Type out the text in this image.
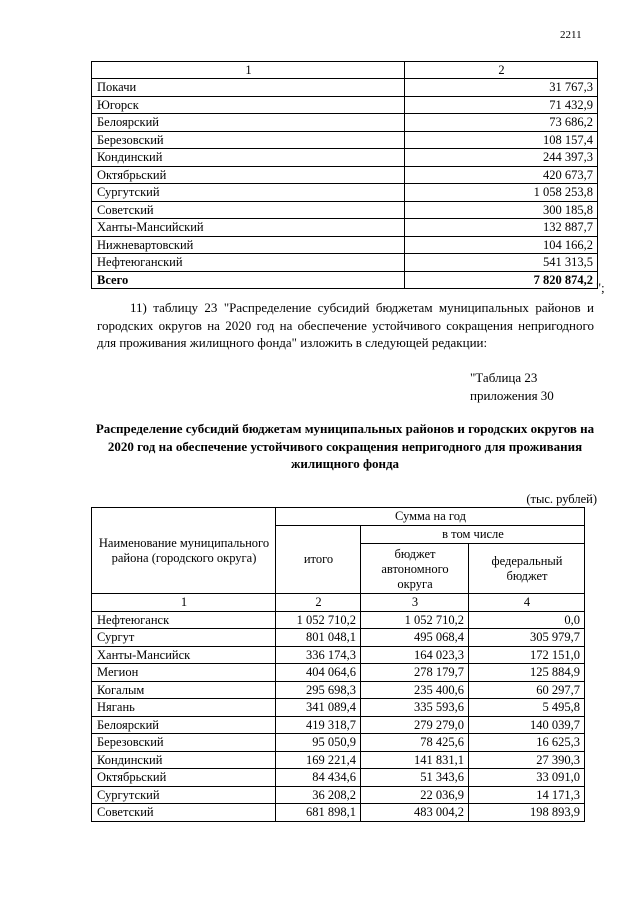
2211
1	2
Покачи	31 767,3
Югорск	71 432,9
Белоярский	73 686,2
Березовский	108 157,4
Кондинский	244 397,3
Октябрьский	420 673,7
Сургутский	1 058 253,8
Советский	300 185,8
Ханты-Мансийский	132 887,7
Нижневартовский	104 166,2
Нефтеюганский	541 313,5
Всего	7 820 874,2
";

11) таблицу 23 "Распределение субсидий бюджетам муниципальных районов и городских округов на 2020 год на обеспечение устойчивого сокращения непригодного для проживания жилищного фонда" изложить в следующей редакции:

"Таблица 23
приложения 30
Распределение субсидий бюджетам муниципальных районов и городских округов на 2020 год на обеспечение устойчивого сокращения непригодного для проживания жилищного фонда
(тыс. рублей)
Наименование муниципального района (городского округа)	Сумма на год		
	итого	в том числе	
		бюджет автономного округа	федеральный бюджет
1	2	3	4
Нефтеюганск	1 052 710,2	1 052 710,2	0,0
Сургут	801 048,1	495 068,4	305 979,7
Ханты-Мансийск	336 174,3	164 023,3	172 151,0
Мегион	404 064,6	278 179,7	125 884,9
Когалым	295 698,3	235 400,6	60 297,7
Нягань	341 089,4	335 593,6	5 495,8
Белоярский	419 318,7	279 279,0	140 039,7
Березовский	95 050,9	78 425,6	16 625,3
Кондинский	169 221,4	141 831,1	27 390,3
Октябрьский	84 434,6	51 343,6	33 091,0
Сургутский	36 208,2	22 036,9	14 171,3
Советский	681 898,1	483 004,2	198 893,9
